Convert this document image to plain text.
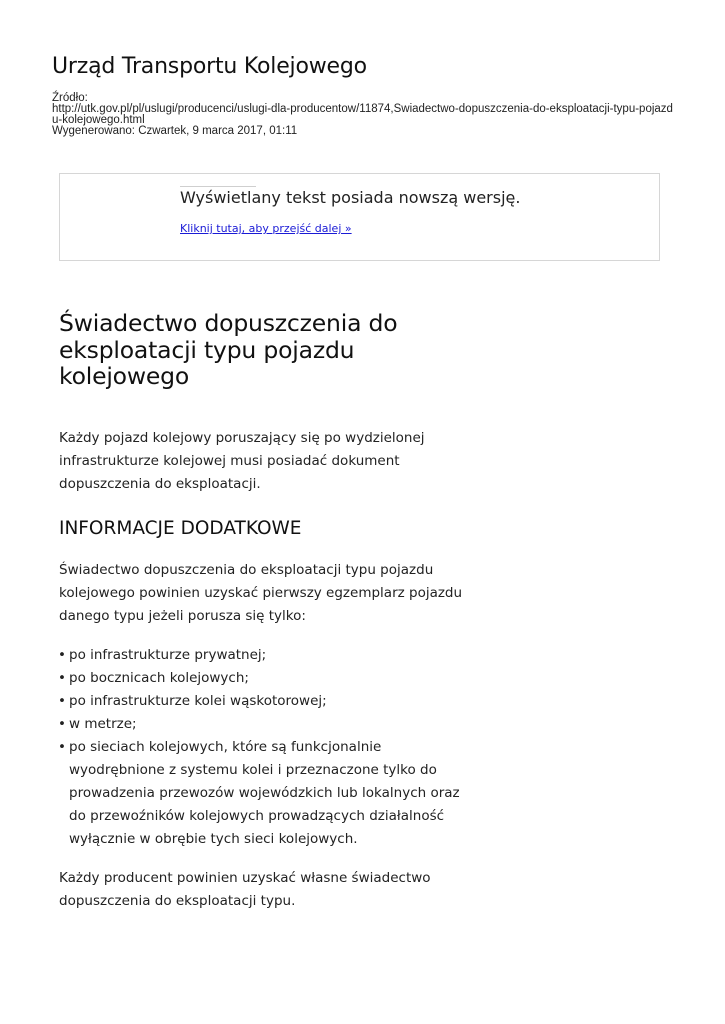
Urząd Transportu Kolejowego
Źródło:
http://utk.gov.pl/pl/uslugi/producenci/uslugi-dla-producentow/11874,Swiadectwo-dopuszczenia-do-eksploatacji-typu-pojazdu-kolejowego.html
Wygenerowano: Czwartek, 9 marca 2017, 01:11
Wyświetlany tekst posiada nowszą wersję.
Kliknij tutaj, aby przejść dalej »
Świadectwo dopuszczenia do eksploatacji typu pojazdu kolejowego

Każdy pojazd kolejowy poruszający się po wydzielonej infrastrukturze kolejowej musi posiadać dokument dopuszczenia do eksploatacji.

INFORMACJE DODATKOWE

Świadectwo dopuszczenia do eksploatacji typu pojazdu kolejowego powinien uzyskać pierwszy egzemplarz pojazdu danego typu jeżeli porusza się tylko:

• po infrastrukturze prywatnej;
• po bocznicach kolejowych;
• po infrastrukturze kolei wąskotorowej;
• w metrze;
• po sieciach kolejowych, które są funkcjonalnie wyodrębnione z systemu kolei i przeznaczone tylko do prowadzenia przewozów wojewódzkich lub lokalnych oraz do przewoźników kolejowych prowadzących działalność wyłącznie w obrębie tych sieci kolejowych.

Każdy producent powinien uzyskać własne świadectwo dopuszczenia do eksploatacji typu.
